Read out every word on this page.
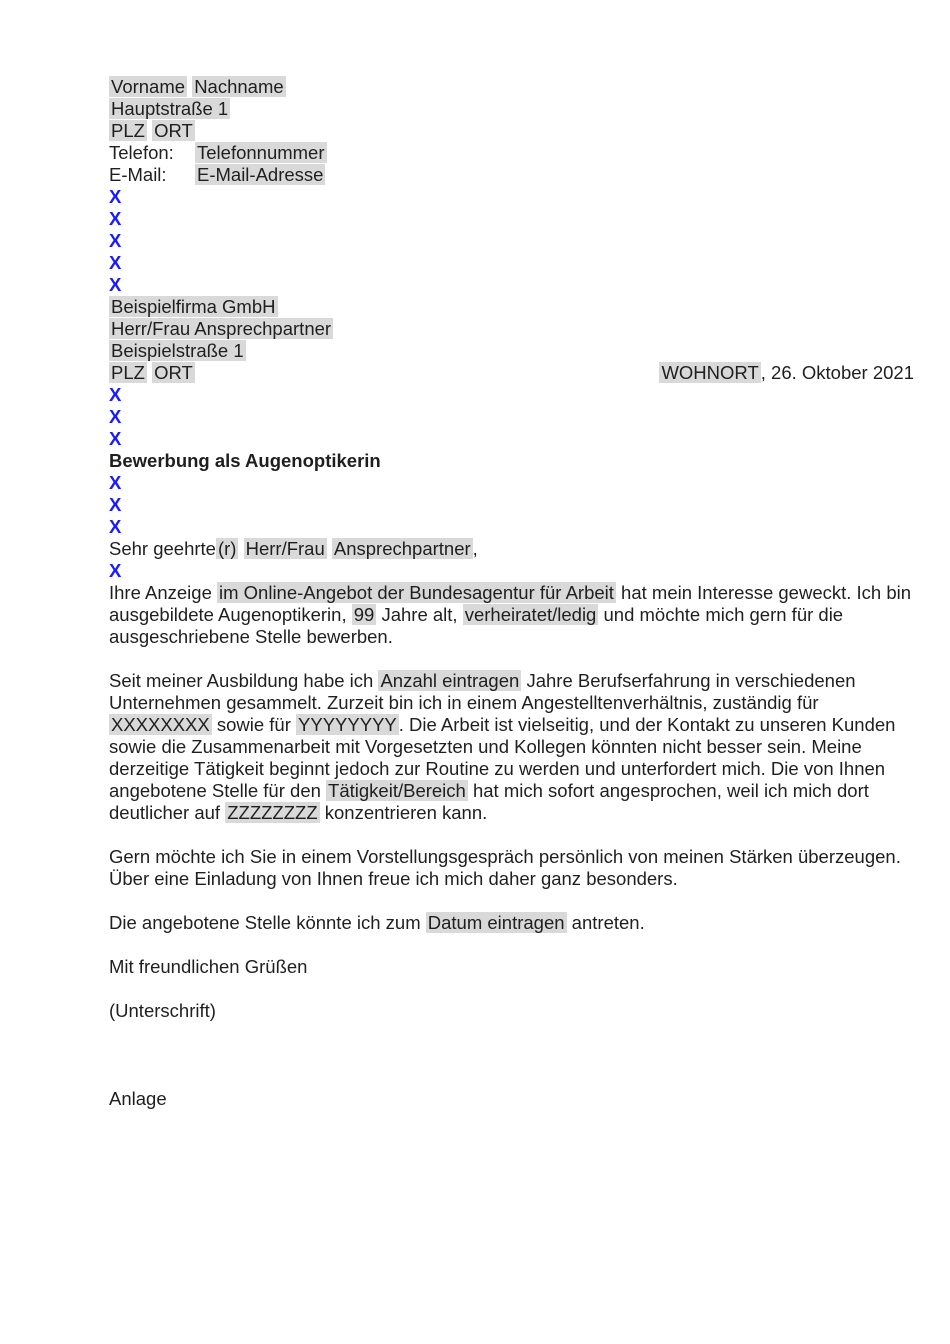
Vorname Nachname
Hauptstraße 1
PLZ ORT
Telefon: Telefonnummer
E-Mail: E-Mail-Adresse
X
X
X
X
X
Beispielfirma GmbH
Herr/Frau Ansprechpartner
Beispielstraße 1
PLZ ORT	WOHNORT , 26. Oktober 2021
X
X
X
Bewerbung als Augenoptikerin
X
X
X
Sehr geehrte (r) Herr/Frau Ansprechpartner ,
X
Ihre Anzeige im Online-Angebot der Bundesagentur für Arbeit hat mein Interesse geweckt. Ich bin ausgebildete Augenoptikerin, 99 Jahre alt, verheiratet/ledig und möchte mich gern für die ausgeschriebene Stelle bewerben.
Seit meiner Ausbildung habe ich Anzahl eintragen Jahre Berufserfahrung in verschiedenen Unternehmen gesammelt. Zurzeit bin ich in einem Angestelltenverhältnis, zuständig für XXXXXXXX sowie für YYYYYYYY . Die Arbeit ist vielseitig, und der Kontakt zu unseren Kunden sowie die Zusammenarbeit mit Vorgesetzten und Kollegen könnten nicht besser sein. Meine derzeitige Tätigkeit beginnt jedoch zur Routine zu werden und unterfordert mich. Die von Ihnen angebotene Stelle für den Tätigkeit/Bereich hat mich sofort angesprochen, weil ich mich dort deutlicher auf ZZZZZZZZ konzentrieren kann.
Gern möchte ich Sie in einem Vorstellungsgespräch persönlich von meinen Stärken überzeugen. Über eine Einladung von Ihnen freue ich mich daher ganz besonders.
Die angebotene Stelle könnte ich zum Datum eintragen antreten.
Mit freundlichen Grüßen
(Unterschrift)
Anlage
